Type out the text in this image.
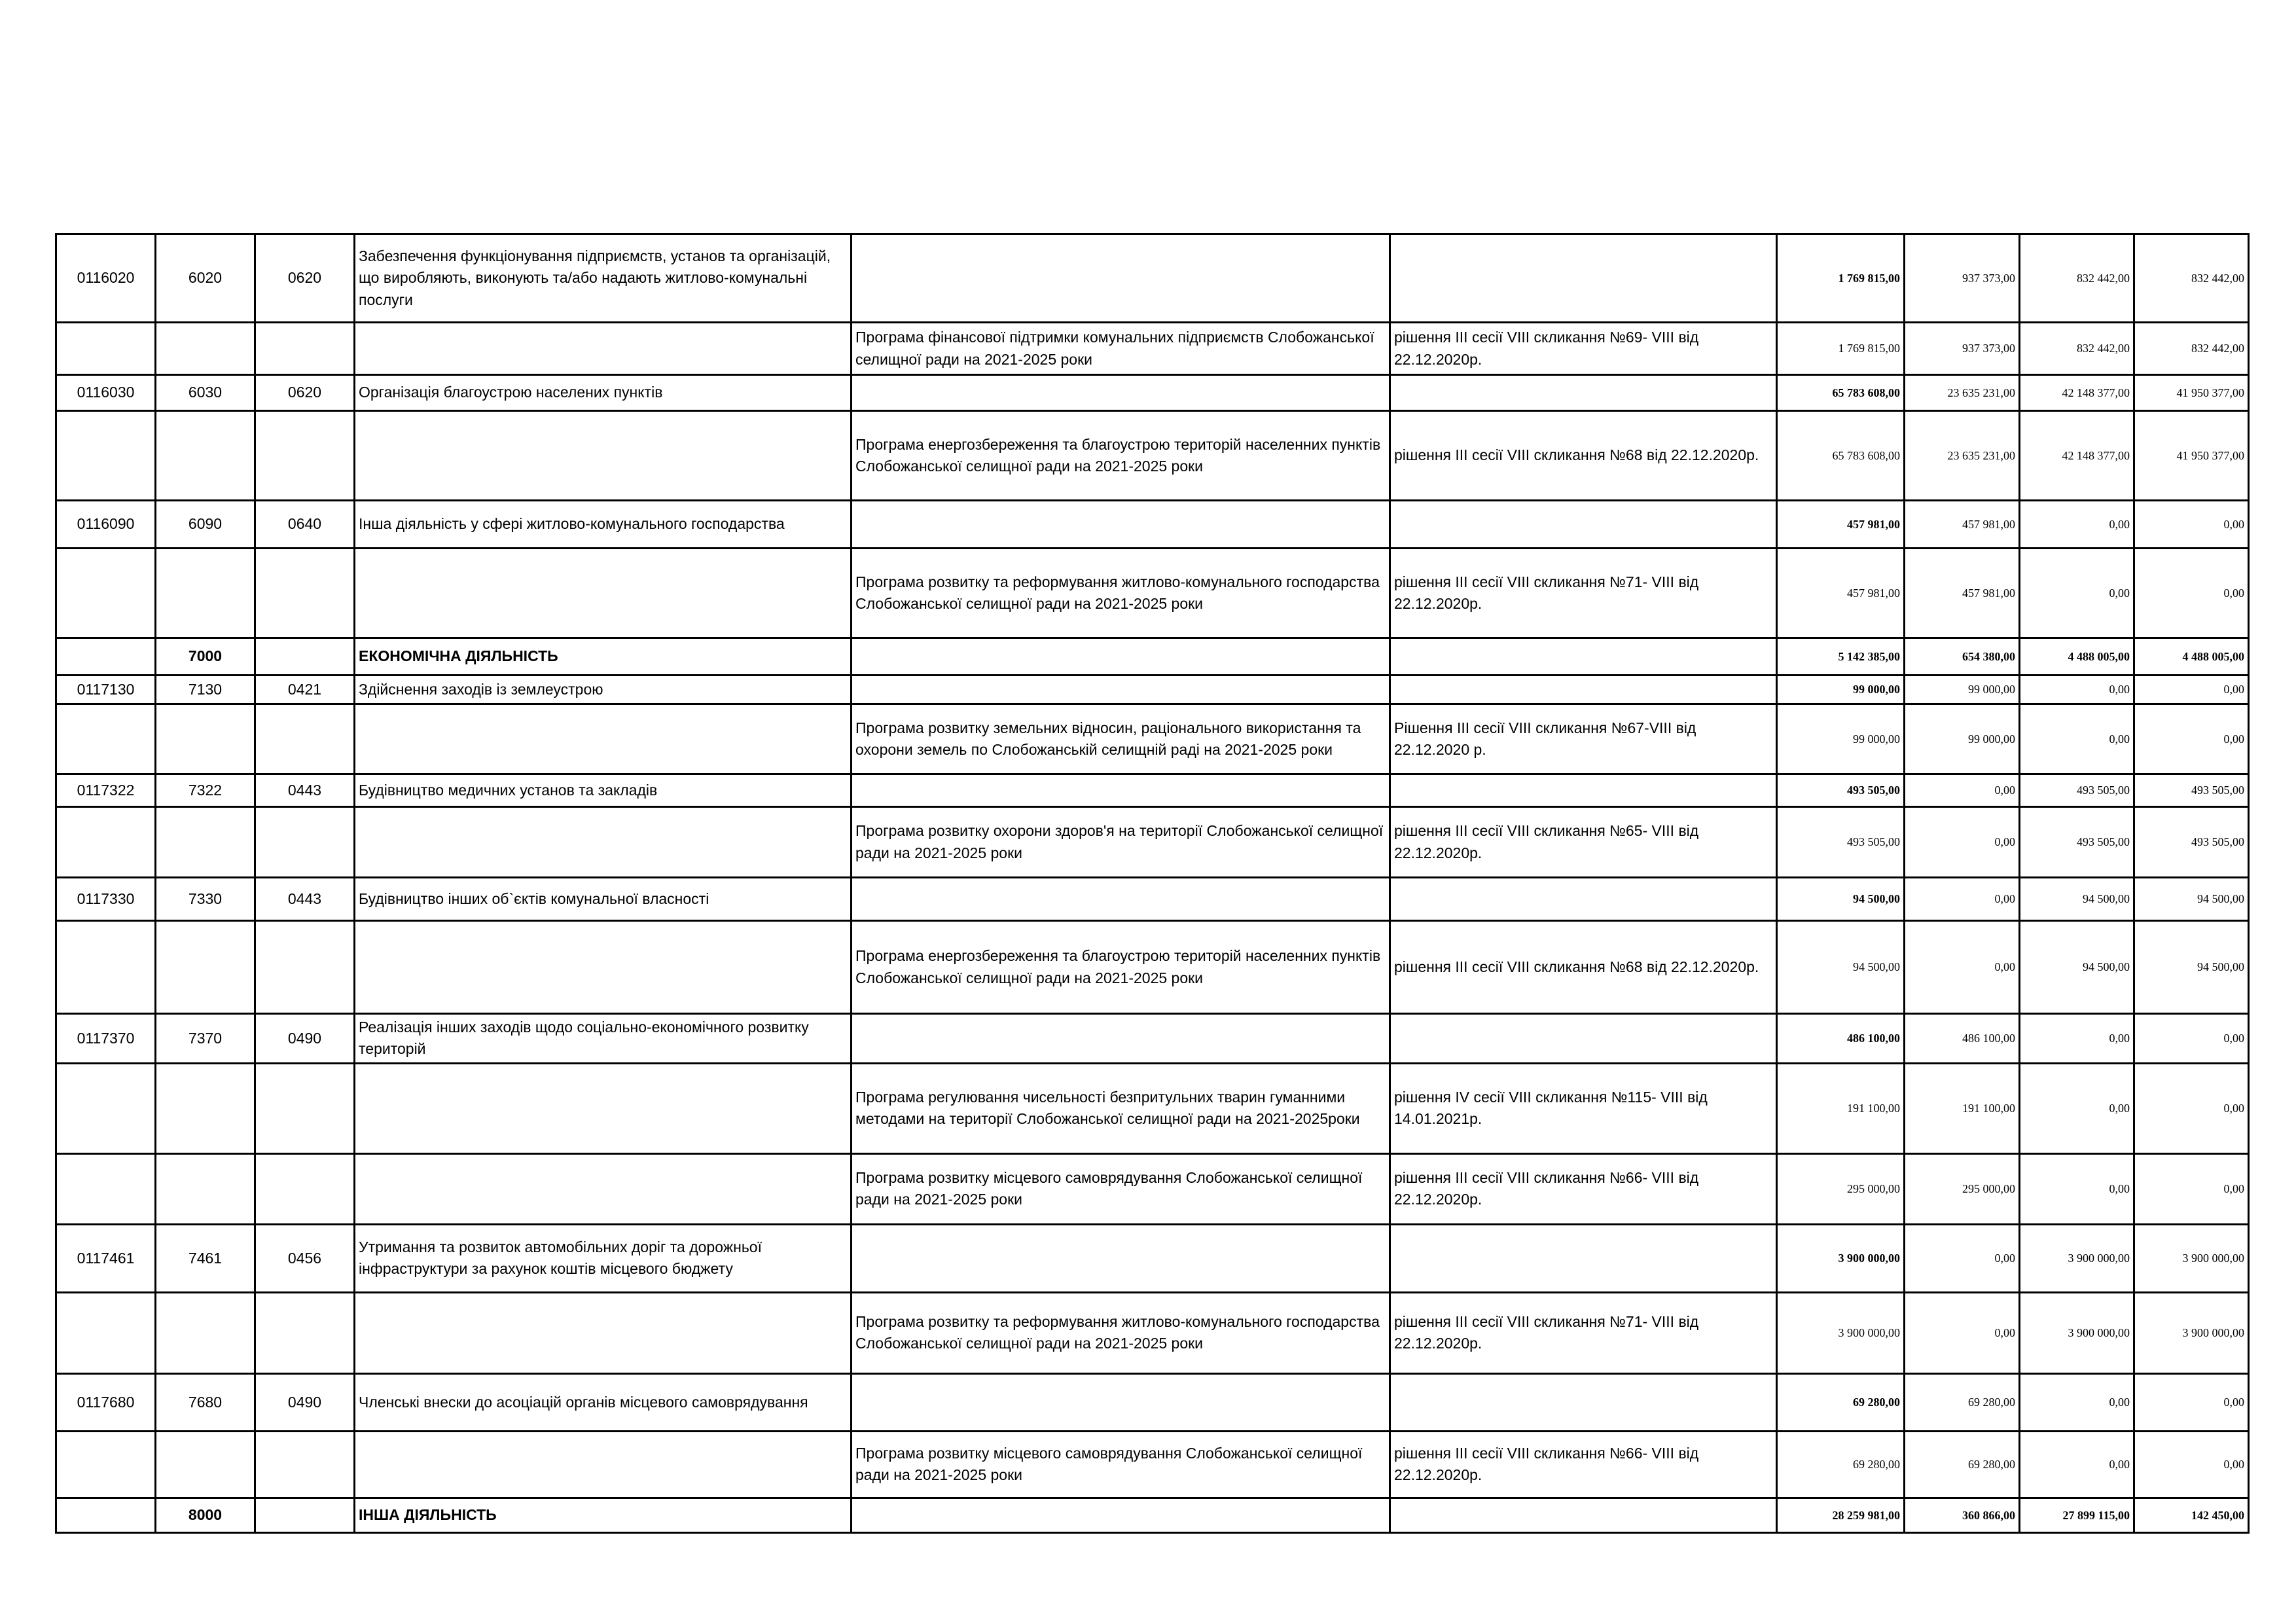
0116020	6020	0620	Забезпечення функціонування підприємств, установ та організацій, що виробляють, виконують та/або надають житлово-комунальні послуги			1 769 815,00	937 373,00	832 442,00	832 442,00
				Програма фінансової підтримки комунальних підприємств Слобожанської селищної ради на 2021-2025 роки	рішення III сесії VIII скликання №69- VIII від 22.12.2020р.	1 769 815,00	937 373,00	832 442,00	832 442,00
0116030	6030	0620	Організація благоустрою населених пунктів			65 783 608,00	23 635 231,00	42 148 377,00	41 950 377,00
				Програма енергозбереження та благоустрою територій населенних пунктів Слобожанської селищної ради на 2021-2025 роки	рішення III сесії VIII скликання №68 від 22.12.2020р.	65 783 608,00	23 635 231,00	42 148 377,00	41 950 377,00
0116090	6090	0640	Інша діяльність у сфері житлово-комунального господарства			457 981,00	457 981,00	0,00	0,00
				Програма розвитку та реформування житлово-комунального господарства Слобожанської селищної ради на 2021-2025 роки	рішення III сесії VIII скликання №71- VIII від 22.12.2020р.	457 981,00	457 981,00	0,00	0,00
	7000		ЕКОНОМІЧНА ДІЯЛЬНІСТЬ			5 142 385,00	654 380,00	4 488 005,00	4 488 005,00
0117130	7130	0421	Здійснення заходів із землеустрою			99 000,00	99 000,00	0,00	0,00
				Програма розвитку земельних відносин, раціонального використання та охорони земель по Слобожанській селищній раді на 2021-2025 роки	Рішення III сесії VIII скликання №67-VIII від 22.12.2020 р.	99 000,00	99 000,00	0,00	0,00
0117322	7322	0443	Будівництво медичних установ та закладів			493 505,00	0,00	493 505,00	493 505,00
				Програма розвитку охорони здоров'я на території Слобожанської селищної ради на 2021-2025 роки	рішення III сесії VIII скликання №65- VIII від 22.12.2020р.	493 505,00	0,00	493 505,00	493 505,00
0117330	7330	0443	Будівництво інших об`єктів комунальної власності			94 500,00	0,00	94 500,00	94 500,00
				Програма енергозбереження та благоустрою територій населенних пунктів Слобожанської селищної ради на 2021-2025 роки	рішення III сесії VIII скликання №68 від 22.12.2020р.	94 500,00	0,00	94 500,00	94 500,00
0117370	7370	0490	Реалізація інших заходів щодо соціально-економічного розвитку територій			486 100,00	486 100,00	0,00	0,00
				Програма регулювання чисельності безпритульних тварин гуманними методами на території Слобожанської селищної ради на 2021-2025роки	рішення IV сесії VIII скликання №115- VIII від 14.01.2021р.	191 100,00	191 100,00	0,00	0,00
				Програма розвитку місцевого самоврядування Слобожанської селищної ради на 2021-2025 роки	рішення III сесії VIII скликання №66- VIII від 22.12.2020р.	295 000,00	295 000,00	0,00	0,00
0117461	7461	0456	Утримання та розвиток автомобільних доріг та дорожньої інфраструктури за рахунок коштів місцевого бюджету			3 900 000,00	0,00	3 900 000,00	3 900 000,00
				Програма розвитку та реформування житлово-комунального господарства Слобожанської селищної ради на 2021-2025 роки	рішення III сесії VIII скликання №71- VIII від 22.12.2020р.	3 900 000,00	0,00	3 900 000,00	3 900 000,00
0117680	7680	0490	Членські внески до асоціацій органів місцевого самоврядування			69 280,00	69 280,00	0,00	0,00
				Програма розвитку місцевого самоврядування Слобожанської селищної ради на 2021-2025 роки	рішення III сесії VIII скликання №66- VIII від 22.12.2020р.	69 280,00	69 280,00	0,00	0,00
	8000		ІНША ДІЯЛЬНІСТЬ			28 259 981,00	360 866,00	27 899 115,00	142 450,00
